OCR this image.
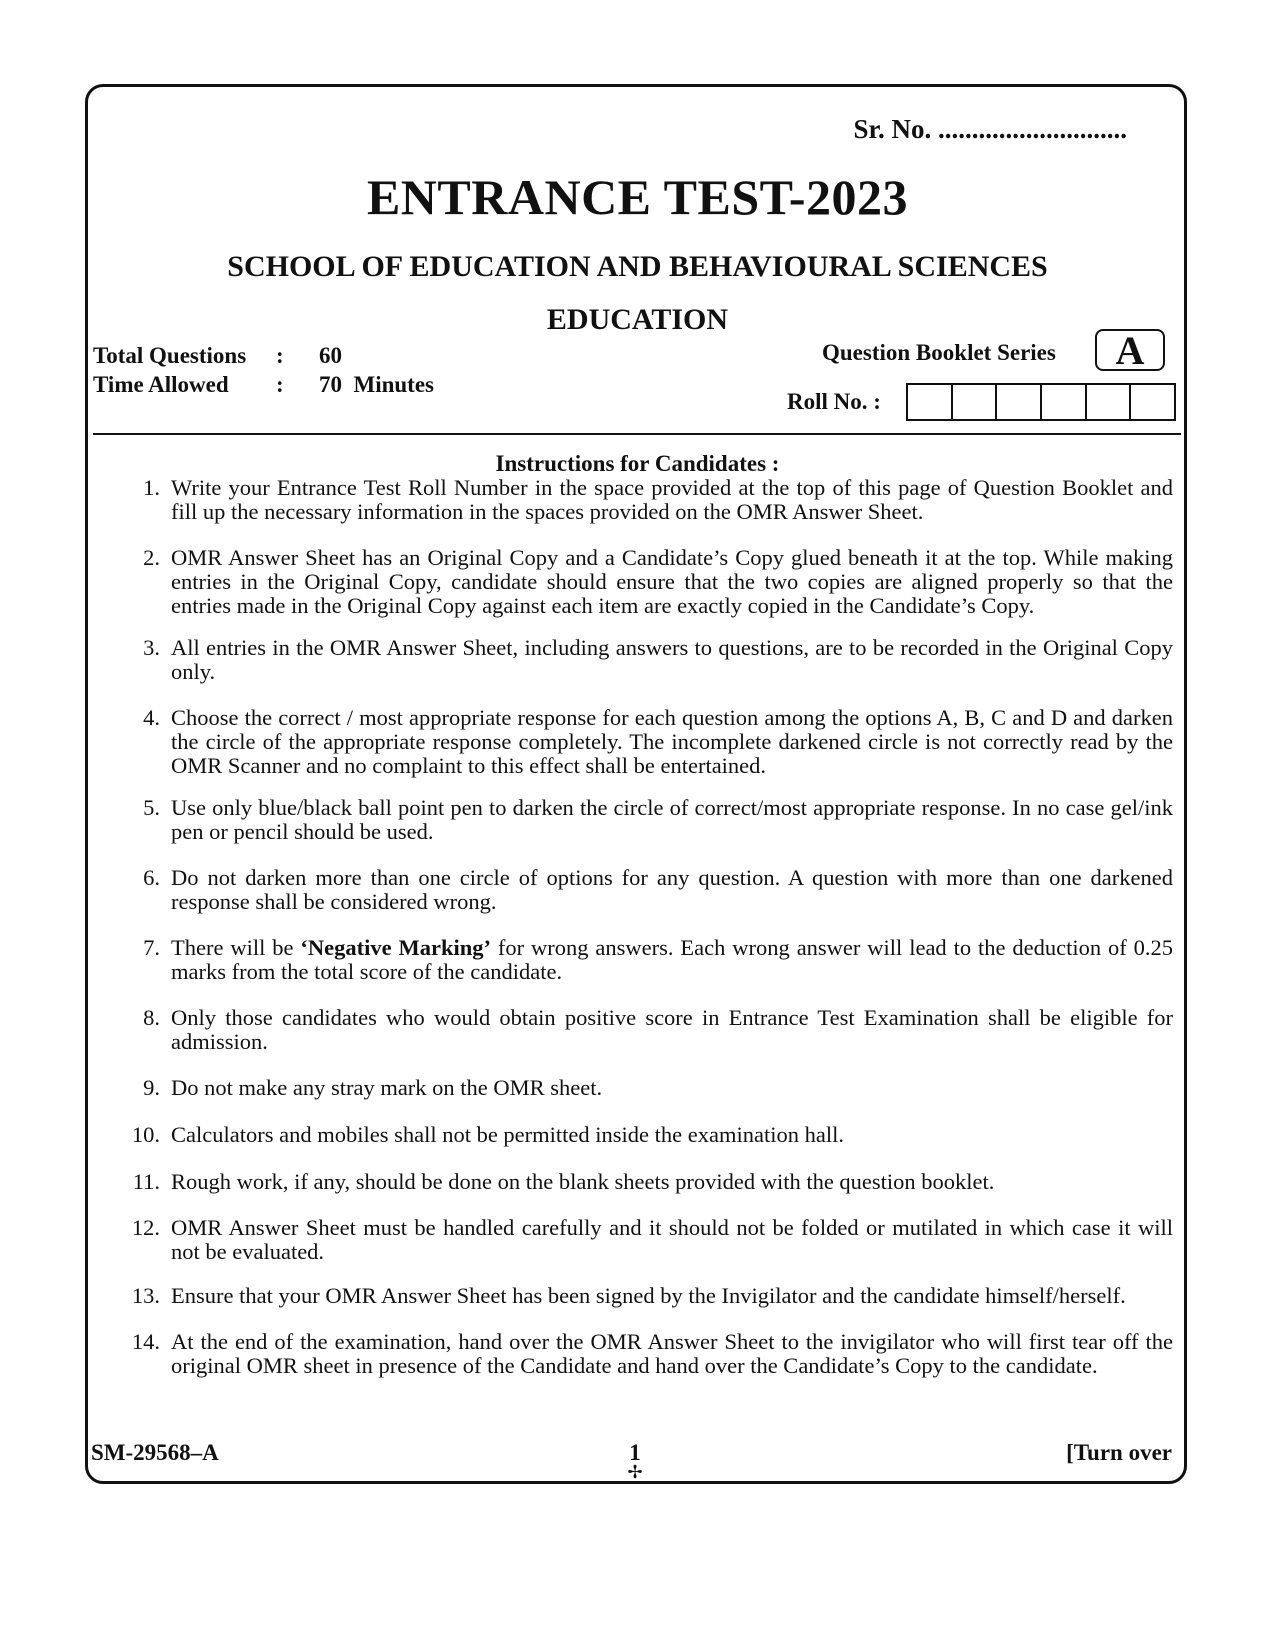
Sr. No. ............................
ENTRANCE TEST-2023
SCHOOL OF EDUCATION AND BEHAVIOURAL SCIENCES
EDUCATION
Total Questions : 60
Time Allowed : 70  Minutes
Question Booklet Series	A
Roll No. :
Instructions for Candidates :
1. Write your Entrance Test Roll Number in the space provided at the top of this page of Question Booklet and fill up the necessary information in the spaces provided on the OMR Answer Sheet.
2. OMR Answer Sheet has an Original Copy and a Candidate’s Copy glued beneath it at the top. While making entries in the Original Copy, candidate should ensure that the two copies are aligned properly so that the entries made in the Original Copy against each item are exactly copied in the Candidate’s Copy.
3. All entries in the OMR Answer Sheet, including answers to questions, are to be recorded in the Original Copy only.
4. Choose the correct / most appropriate response for each question among the options A, B, C and D and darken the circle of the appropriate response completely. The incomplete darkened circle is not correctly read by the OMR Scanner and no complaint to this effect shall be entertained.
5. Use only blue/black ball point pen to darken the circle of correct/most appropriate response. In no case gel/ink pen or pencil should be used.
6. Do not darken more than one circle of options for any question. A question with more than one darkened response shall be considered wrong.
7. There will be ‘Negative Marking’ for wrong answers. Each wrong answer will lead to the deduction of 0.25 marks from the total score of the candidate.
8. Only those candidates who would obtain positive score in Entrance Test Examination shall be eligible for admission.
9. Do not make any stray mark on the OMR sheet.
10. Calculators and mobiles shall not be permitted inside the examination hall.
11. Rough work, if any, should be done on the blank sheets provided with the question booklet.
12. OMR Answer Sheet must be handled carefully and it should not be folded or mutilated in which case it will not be evaluated.
13. Ensure that your OMR Answer Sheet has been signed by the Invigilator and the candidate himself/herself.
14. At the end of the examination, hand over the OMR Answer Sheet to the invigilator who will first tear off the original OMR sheet in presence of the Candidate and hand over the Candidate’s Copy to the candidate.
SM-29568–A	1
✢
[Turn over
